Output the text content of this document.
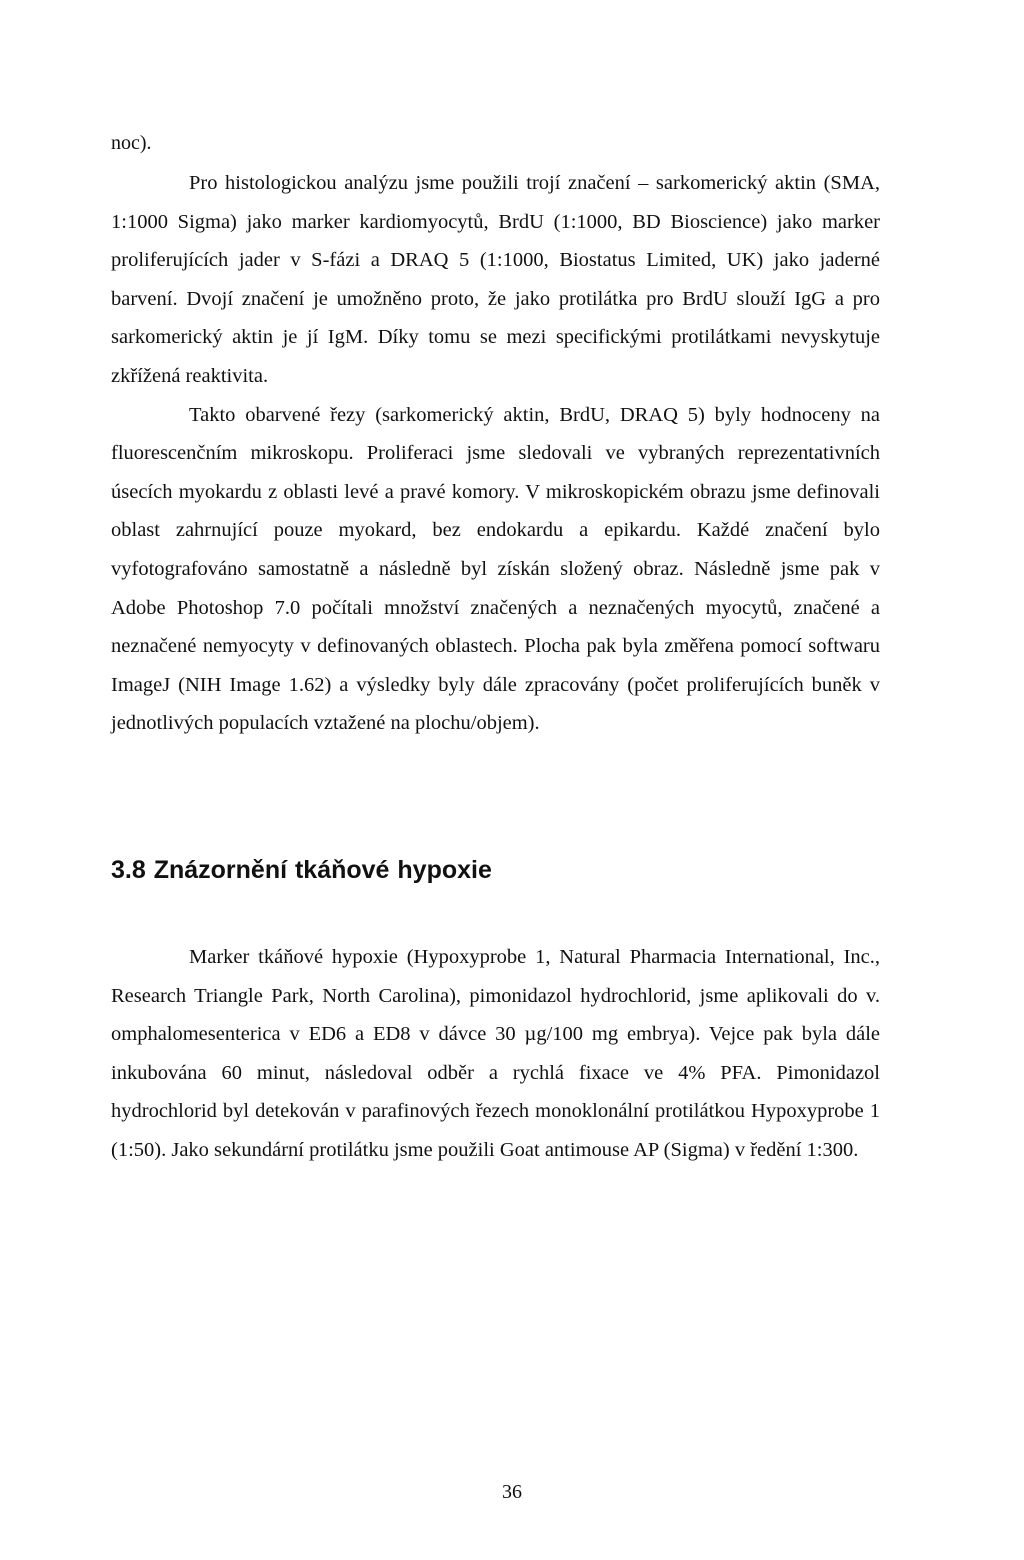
noc).

Pro histologickou analýzu jsme použili trojí značení – sarkomerický aktin (SMA, 1:1000 Sigma) jako marker kardiomyocytů, BrdU (1:1000, BD Bioscience) jako marker proliferujících jader v S-fázi a DRAQ 5 (1:1000, Biostatus Limited, UK) jako jaderné barvení. Dvojí značení je umožněno proto, že jako protilátka pro BrdU slouží IgG a pro sarkomerický aktin je jí IgM. Díky tomu se mezi specifickými protilátkami nevyskytuje zkřížená reaktivita.

Takto obarvené řezy (sarkomerický aktin, BrdU, DRAQ 5) byly hodnoceny na fluorescenčním mikroskopu. Proliferaci jsme sledovali ve vybraných reprezentativních úsecích myokardu z oblasti levé a pravé komory. V mikroskopickém obrazu jsme definovali oblast zahrnující pouze myokard, bez endokardu a epikardu. Každé značení bylo vyfotografováno samostatně a následně byl získán složený obraz. Následně jsme pak v Adobe Photoshop 7.0 počítali množství značených a neznačených myocytů, značené a neznačené nemyocyty v definovaných oblastech. Plocha pak byla změřena pomocí softwaru ImageJ (NIH Image 1.62) a výsledky byly dále zpracovány (počet proliferujících buněk v jednotlivých populacích vztažené na plochu/objem).

3.8 Znázornění tkáňové hypoxie

Marker tkáňové hypoxie (Hypoxyprobe 1, Natural Pharmacia International, Inc., Research Triangle Park, North Carolina), pimonidazol hydrochlorid, jsme aplikovali do v. omphalomesenterica v ED6 a ED8 v dávce 30 µg/100 mg embrya). Vejce pak byla dále inkubována 60 minut, následoval odběr a rychlá fixace ve 4% PFA. Pimonidazol hydrochlorid byl detekován v parafinových řezech monoklonální protilátkou Hypoxyprobe 1 (1:50). Jako sekundární protilátku jsme použili Goat antimouse AP (Sigma) v ředění 1:300.

36
